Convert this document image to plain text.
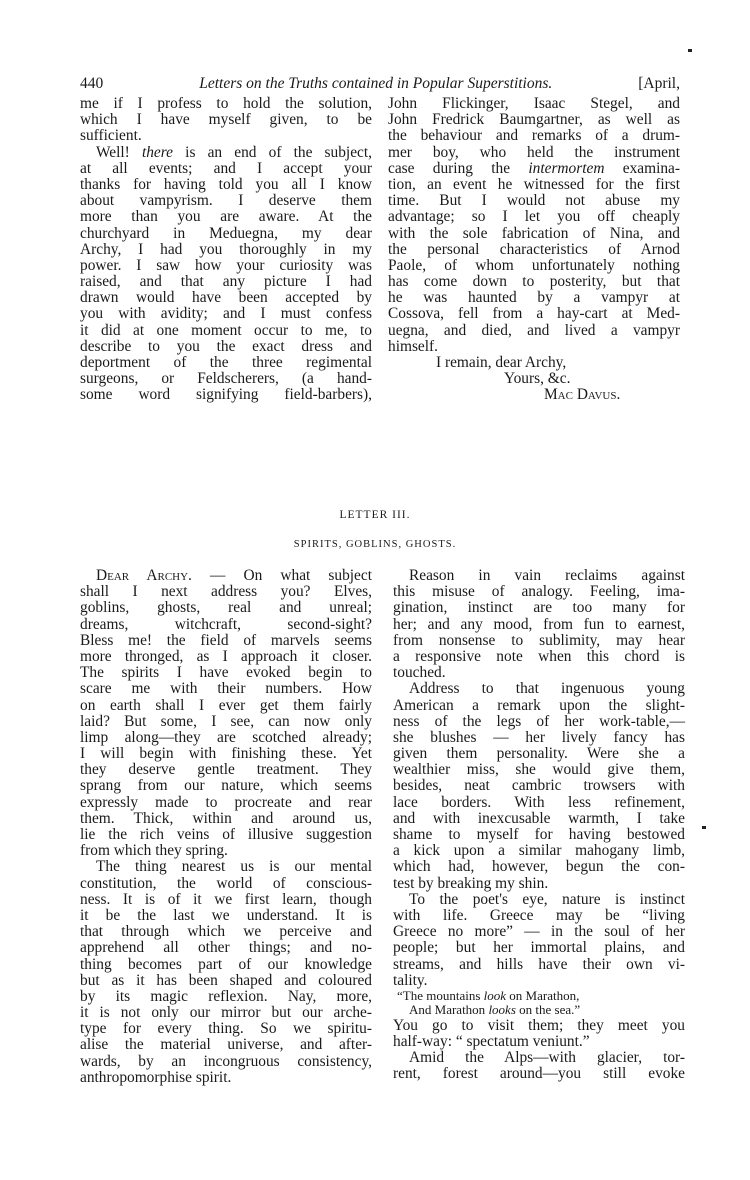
440	Letters on the Truths contained in Popular Superstitions.	[April,
me if I profess to hold the solution,
which I have myself given, to be
sufficient.
Well! there is an end of the subject,
at all events; and I accept your
thanks for having told you all I know
about vampyrism. I deserve them
more than you are aware. At the
churchyard in Meduegna, my dear
Archy, I had you thoroughly in my
power. I saw how your curiosity was
raised, and that any picture I had
drawn would have been accepted by
you with avidity; and I must confess
it did at one moment occur to me, to
describe to you the exact dress and
deportment of the three regimental
surgeons, or Feldscherers, (a hand-
some word signifying field-barbers),
John Flickinger, Isaac Stegel, and
John Fredrick Baumgartner, as well as
the behaviour and remarks of a drum-
mer boy, who held the instrument
case during the intermortem examina-
tion, an event he witnessed for the first
time. But I would not abuse my
advantage; so I let you off cheaply
with the sole fabrication of Nina, and
the personal characteristics of Arnod
Paole, of whom unfortunately nothing
has come down to posterity, but that
he was haunted by a vampyr at
Cossova, fell from a hay-cart at Med-
uegna, and died, and lived a vampyr
himself.
I remain, dear Archy,
Yours, &c.
Mac Davus.
LETTER III.
SPIRITS, GOBLINS, GHOSTS.
Dear Archy. — On what subject
shall I next address you? Elves,
goblins, ghosts, real and unreal;
dreams, witchcraft, second-sight?
Bless me! the field of marvels seems
more thronged, as I approach it closer.
The spirits I have evoked begin to
scare me with their numbers. How
on earth shall I ever get them fairly
laid? But some, I see, can now only
limp along—they are scotched already;
I will begin with finishing these. Yet
they deserve gentle treatment. They
sprang from our nature, which seems
expressly made to procreate and rear
them. Thick, within and around us,
lie the rich veins of illusive suggestion
from which they spring.
The thing nearest us is our mental
constitution, the world of conscious-
ness. It is of it we first learn, though
it be the last we understand. It is
that through which we perceive and
apprehend all other things; and no-
thing becomes part of our knowledge
but as it has been shaped and coloured
by its magic reflexion. Nay, more,
it is not only our mirror but our arche-
type for every thing. So we spiritu-
alise the material universe, and after-
wards, by an incongruous consistency,
anthropomorphise spirit.
Reason in vain reclaims against
this misuse of analogy. Feeling, ima-
gination, instinct are too many for
her; and any mood, from fun to earnest,
from nonsense to sublimity, may hear
a responsive note when this chord is
touched.
Address to that ingenuous young
American a remark upon the slight-
ness of the legs of her work-table,—
she blushes — her lively fancy has
given them personality. Were she a
wealthier miss, she would give them,
besides, neat cambric trowsers with
lace borders. With less refinement,
and with inexcusable warmth, I take
shame to myself for having bestowed
a kick upon a similar mahogany limb,
which had, however, begun the con-
test by breaking my shin.
To the poet's eye, nature is instinct
with life. Greece may be “living
Greece no more” — in the soul of her
people; but her immortal plains, and
streams, and hills have their own vi-
tality.
“The mountains look on Marathon,
And Marathon looks on the sea.”
You go to visit them; they meet you
half-way: “ spectatum veniunt.”
Amid the Alps—with glacier, tor-
rent, forest around—you still evoke
